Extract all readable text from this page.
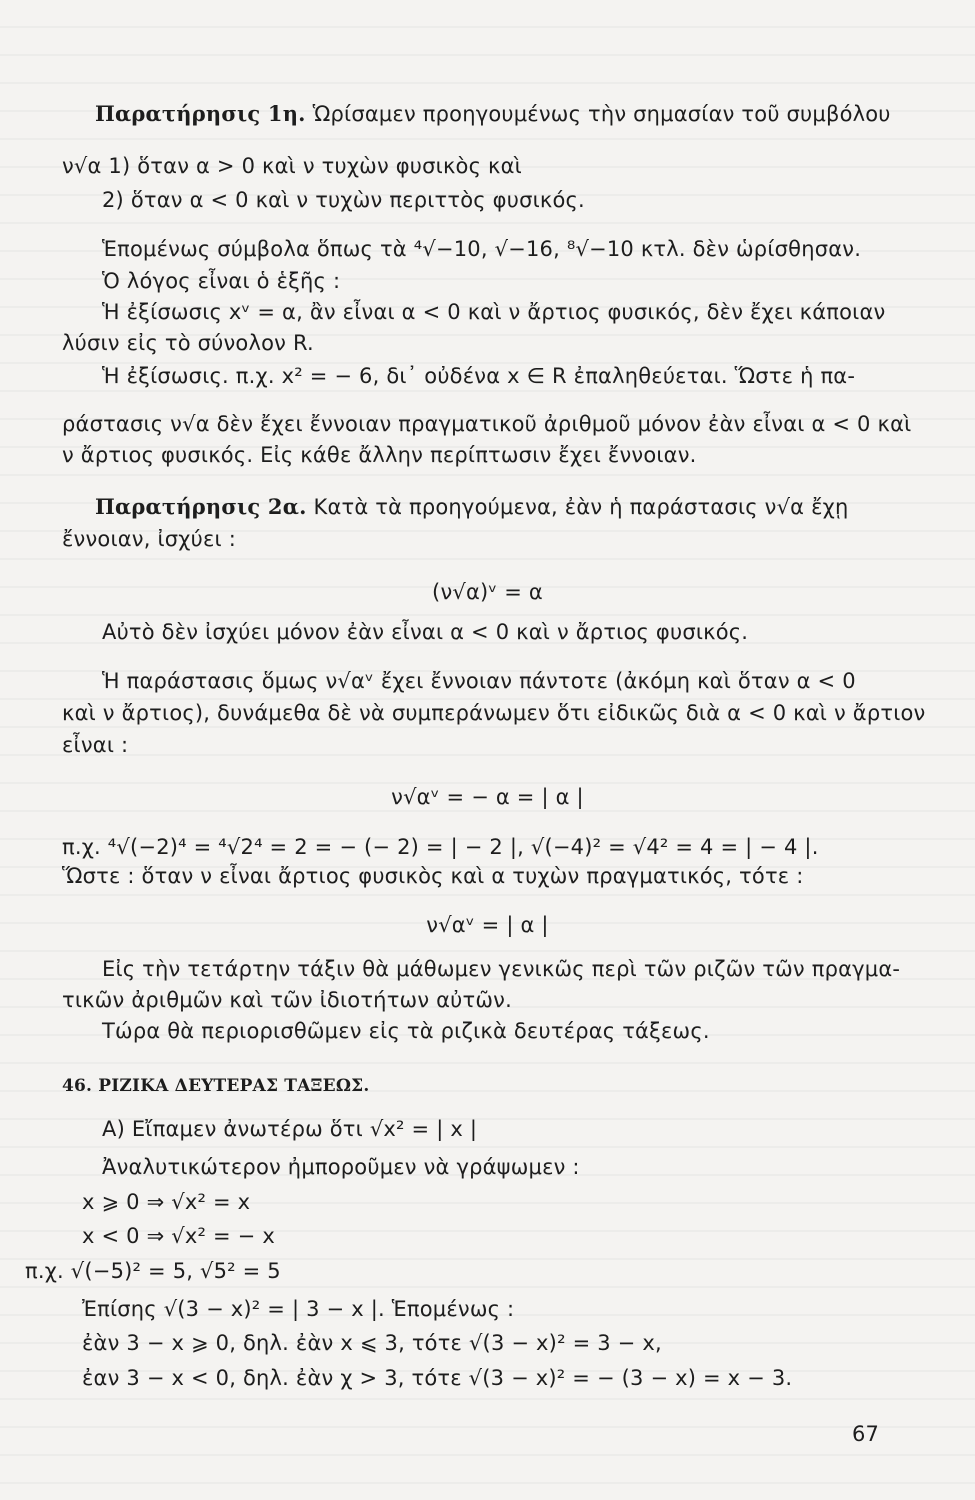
Παρατήρησις 1η. Ὡρίσαμεν προηγουμένως τὴν σημασίαν τοῦ συμβόλου
ν√α 1) ὅταν α > 0 καὶ ν τυχὼν φυσικὸς καὶ
2) ὅταν α < 0 καὶ ν τυχὼν περιττὸς φυσικός.
Ἑπομένως σύμβολα ὅπως τὰ ⁴√−10, √−16, ⁸√−10 κτλ. δὲν ὡρίσθησαν.
Ὁ λόγος εἶναι ὁ ἑξῆς :
Ἡ ἐξίσωσις xᵛ = α, ἂν εἶναι α < 0 καὶ ν ἄρτιος φυσικός, δὲν ἔχει κάποιαν
λύσιν εἰς τὸ σύνολον R.
Ἡ ἐξίσωσις. π.χ. x² = − 6, δι᾿ οὐδένα x ∈ R ἐπαληθεύεται. Ὥστε ἡ πα-
ράστασις ν√α δὲν ἔχει ἔννοιαν πραγματικοῦ ἀριθμοῦ μόνον ἐὰν εἶναι α < 0 καὶ
ν ἄρτιος φυσικός. Εἰς κάθε ἄλλην περίπτωσιν ἔχει ἔννοιαν.
Παρατήρησις 2α. Κατὰ τὰ προηγούμενα, ἐὰν ἡ παράστασις ν√α ἔχῃ
ἔννοιαν, ἰσχύει :
(ν√α)ᵛ = α
Αὐτὸ δὲν ἰσχύει μόνον ἐὰν εἶναι α < 0 καὶ ν ἄρτιος φυσικός.
Ἡ παράστασις ὅμως ν√αᵛ ἔχει ἔννοιαν πάντοτε (ἀκόμη καὶ ὅταν α < 0
καὶ ν ἄρτιος), δυνάμεθα δὲ νὰ συμπεράνωμεν ὅτι εἰδικῶς διὰ α < 0 καὶ ν ἄρτιον
εἶναι :
ν√αᵛ = − α = | α |
π.χ. ⁴√(−2)⁴ = ⁴√2⁴ = 2 = − (− 2) = | − 2 |, √(−4)² = √4² = 4 = | − 4 |.
Ὥστε : ὅταν ν εἶναι ἄρτιος φυσικὸς καὶ α τυχὼν πραγματικός, τότε :
ν√αᵛ = | α |
Εἰς τὴν τετάρτην τάξιν θὰ μάθωμεν γενικῶς περὶ τῶν ριζῶν τῶν πραγμα-
τικῶν ἀριθμῶν καὶ τῶν ἰδιοτήτων αὐτῶν.
Τώρα θὰ περιορισθῶμεν εἰς τὰ ριζικὰ δευτέρας τάξεως.
46. ΡΙΖΙΚΑ ΔΕΥΤΕΡΑΣ ΤΑΞΕΩΣ.
Α) Εἴπαμεν ἀνωτέρω ὅτι √x² = | x |
Ἀναλυτικώτερον ἠμποροῦμεν νὰ γράψωμεν :
x ⩾ 0 ⇒ √x² = x
x < 0 ⇒ √x² = − x
π.χ. √(−5)² = 5, √5² = 5
Ἐπίσης √(3 − x)² = | 3 − x |. Ἑπομένως :
ἐὰν 3 − x ⩾ 0, δηλ. ἐὰν x ⩽ 3, τότε √(3 − x)² = 3 − x,
ἐαν 3 − x < 0, δηλ. ἐὰν χ > 3, τότε √(3 − x)² = − (3 − x) = x − 3.
67
